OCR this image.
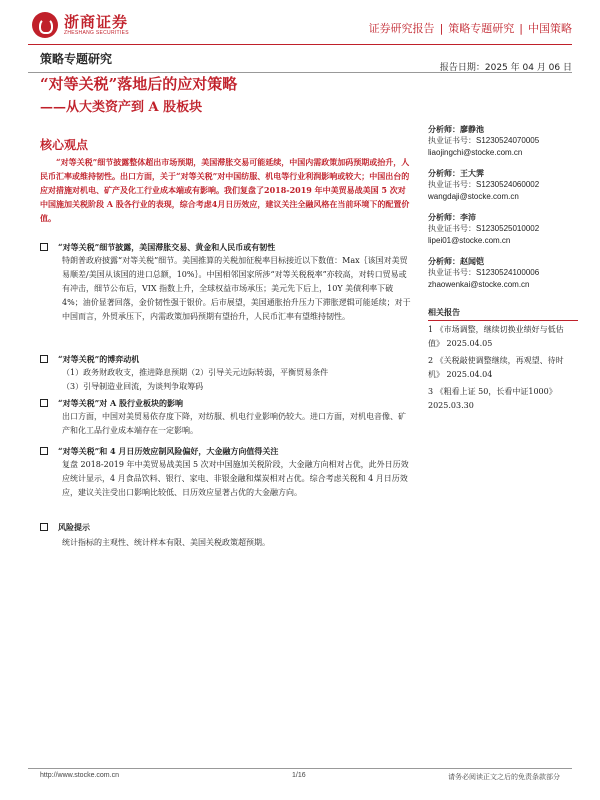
浙商证券
ZHESHANG SECURITIES	证券研究报告 | 策略专题研究 | 中国策略
策略专题研究
报告日期：2025 年 04 月 06 日
“对等关税”落地后的应对策略
——从大类资产到 A 股板块
核心观点
“对等关税”细节披露整体超出市场预期，美国滞胀交易可能延续，中国内需政策加码预期或抬升，人民币汇率或维持韧性。出口方面，关于“对等关税”对中国纺服、机电等行业利润影响或较大；中国出台的应对措施对机电、矿产及化工行业成本端或有影响。我们复盘了2018-2019 年中美贸易战美国 5 次对中国施加关税阶段 A 股各行业的表现，综合考虑4月日历效应，建议关注全融风格在当前环境下的配置价值。
“对等关税”细节披露，美国滞胀交易、黄金和人民币或有韧性
特朗普政府披露“对等关税”细节。美国推算的关税加征税率目标接近以下数值：Max｛该国对美贸易顺差/美国从该国的进口总额，10%｝。中国相邻国家所涉“对等关税税率”亦较高，对转口贸易或有冲击，细节公布后，VIX 指数上升，全球权益市场承压；美元先下后上，10Y 美债利率下破 4%；油价显著回落，金价韧性强于银价。后市展望，美国通胀抬升压力下滞胀逻辑可能延续；对于中国而言，外贸承压下，内需政策加码预期有望抬升，人民币汇率有望维持韧性。
“对等关税”的博弈动机
（1）政务财政收支，推进降息预期（2）引导关元边际转弱，平衡贸易条件
（3）引导制造业回流，为谈判争取筹码
“对等关税”对 A 股行业板块的影响
出口方面，中国对美贸易依存度下降，对纺服、机电行业影响仍较大。进口方面，对机电音像、矿产和化工品行业成本端存在一定影响。
“对等关税”和 4 月日历效应制风险偏好，大金融方向值得关注
复盘 2018-2019 年中美贸易战美国 5 次对中国施加关税阶段，大金融方向相对占优，此外日历效应统计显示，4 月食品饮料、银行、家电、非银金融和煤炭相对占优。综合考虑关税和 4 月日历效应，建议关注受出口影响比较低、日历效应显著占优的大金融方向。
风险提示
统计指标的主观性、统计样本有限、美国关税政策超预期。
分析师：廖静池
执业证书号：S1230524070005
liaojingchi@stocke.com.cn
分析师：王大霁
执业证书号：S1230524060002
wangdaji@stocke.com.cn
分析师：李沛
执业证书号：S1230525010002
lipei01@stocke.com.cn
分析师：赵闻铠
执业证书号：S1230524100006
zhaowenkai@stocke.com.cn
相关报告
1 《市场调整，继续切换业绩好与低估值》 2025.04.05
2 《关税敲使调整继续，再观望、待时机》 2025.04.04
3 《粗看上证 50，长看中证1000》 2025.03.30
http://www.stocke.com.cn	1/16	请务必阅读正文之后的免责条款部分
